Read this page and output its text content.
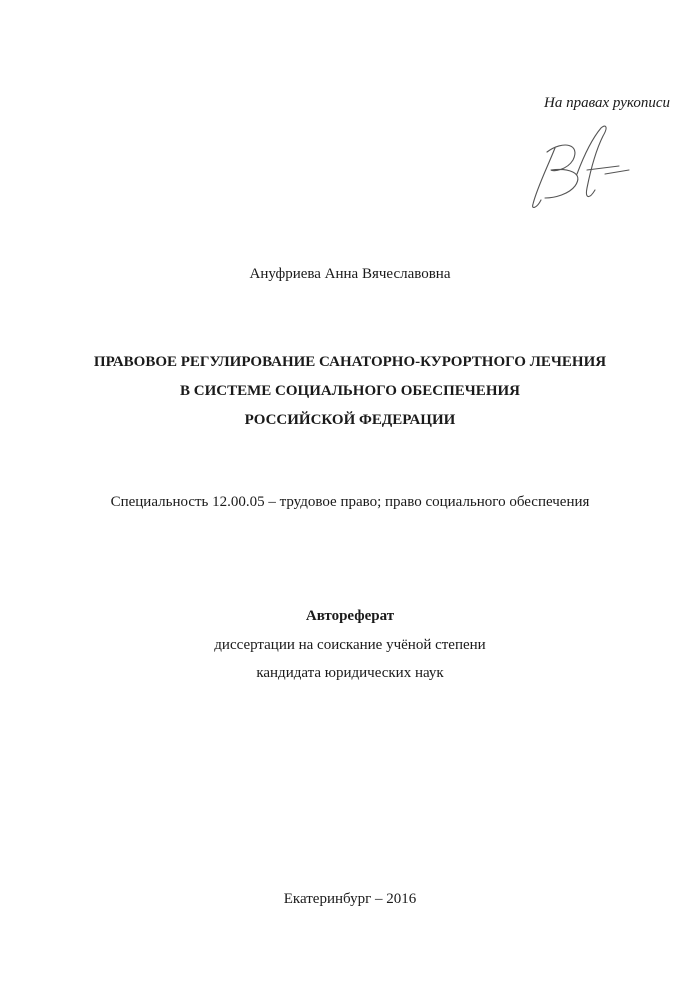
На правах рукописи
Ануфриева Анна Вячеславовна
ПРАВОВОЕ РЕГУЛИРОВАНИЕ САНАТОРНО-КУРОРТНОГО ЛЕЧЕНИЯ
В СИСТЕМЕ СОЦИАЛЬНОГО ОБЕСПЕЧЕНИЯ
РОССИЙСКОЙ ФЕДЕРАЦИИ
Специальность 12.00.05 – трудовое право; право социального обеспечения
Автореферат
диссертации на соискание учёной степени
кандидата юридических наук
Екатеринбург – 2016
